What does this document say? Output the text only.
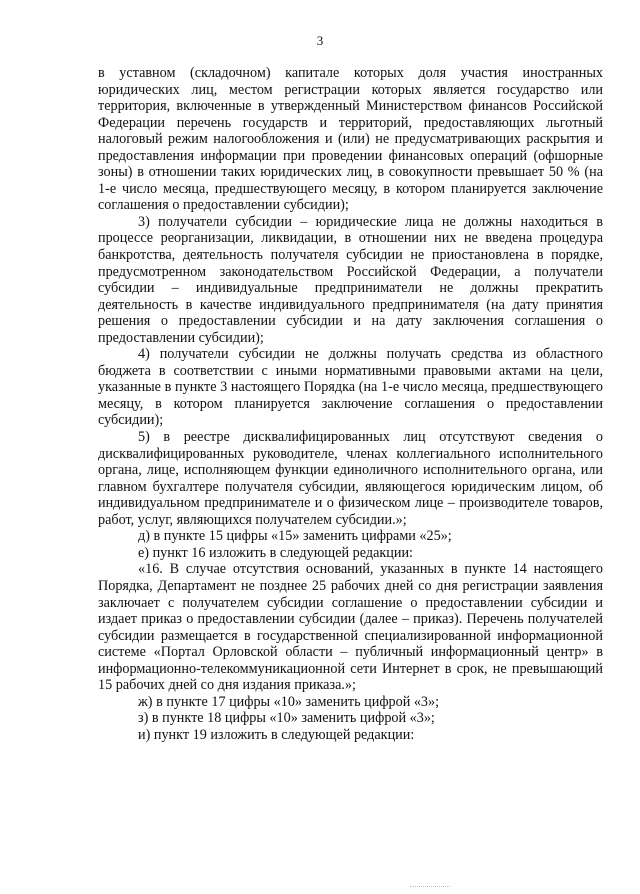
3

в уставном (складочном) капитале которых доля участия иностранных юридических лиц, местом регистрации которых является государство или территория, включенные в утвержденный Министерством финансов Российской Федерации перечень государств и территорий, предоставляющих льготный налоговый режим налогообложения и (или) не предусматривающих раскрытия и предоставления информации при проведении финансовых операций (офшорные зоны) в отношении таких юридических лиц, в совокупности превышает 50 % (на 1-е число месяца, предшествующего месяцу, в котором планируется заключение соглашения о предоставлении субсидии);

3) получатели субсидии – юридические лица не должны находиться в процессе реорганизации, ликвидации, в отношении них не введена процедура банкротства, деятельность получателя субсидии не приостановлена в порядке, предусмотренном законодательством Российской Федерации, а получатели субсидии – индивидуальные предприниматели не должны прекратить деятельность в качестве индивидуального предпринимателя (на дату принятия решения о предоставлении субсидии и на дату заключения соглашения о предоставлении субсидии);

4) получатели субсидии не должны получать средства из областного бюджета в соответствии с иными нормативными правовыми актами на цели, указанные в пункте 3 настоящего Порядка (на 1-е число месяца, предшествующего месяцу, в котором планируется заключение соглашения о предоставлении субсидии);

5) в реестре дисквалифицированных лиц отсутствуют сведения о дисквалифицированных руководителе, членах коллегиального исполнительного органа, лице, исполняющем функции единоличного исполнительного органа, или главном бухгалтере получателя субсидии, являющегося юридическим лицом, об индивидуальном предпринимателе и о физическом лице – производителе товаров, работ, услуг, являющихся получателем субсидии.»;

д) в пункте 15 цифры «15» заменить цифрами «25»;

е) пункт 16 изложить в следующей редакции:

«16. В случае отсутствия оснований, указанных в пункте 14 настоящего Порядка, Департамент не позднее 25 рабочих дней со дня регистрации заявления заключает с получателем субсидии соглашение о предоставлении субсидии и издает приказ о предоставлении субсидии (далее – приказ). Перечень получателей субсидии размещается в государственной специализированной информационной системе «Портал Орловской области – публичный информационный центр» в информационно-телекоммуникационной сети Интернет в срок, не превышающий 15 рабочих дней со дня издания приказа.»;

ж) в пункте 17 цифры «10» заменить цифрой «3»;

з) в пункте 18 цифры «10» заменить цифрой «3»;

и) пункт 19 изложить в следующей редакции:
